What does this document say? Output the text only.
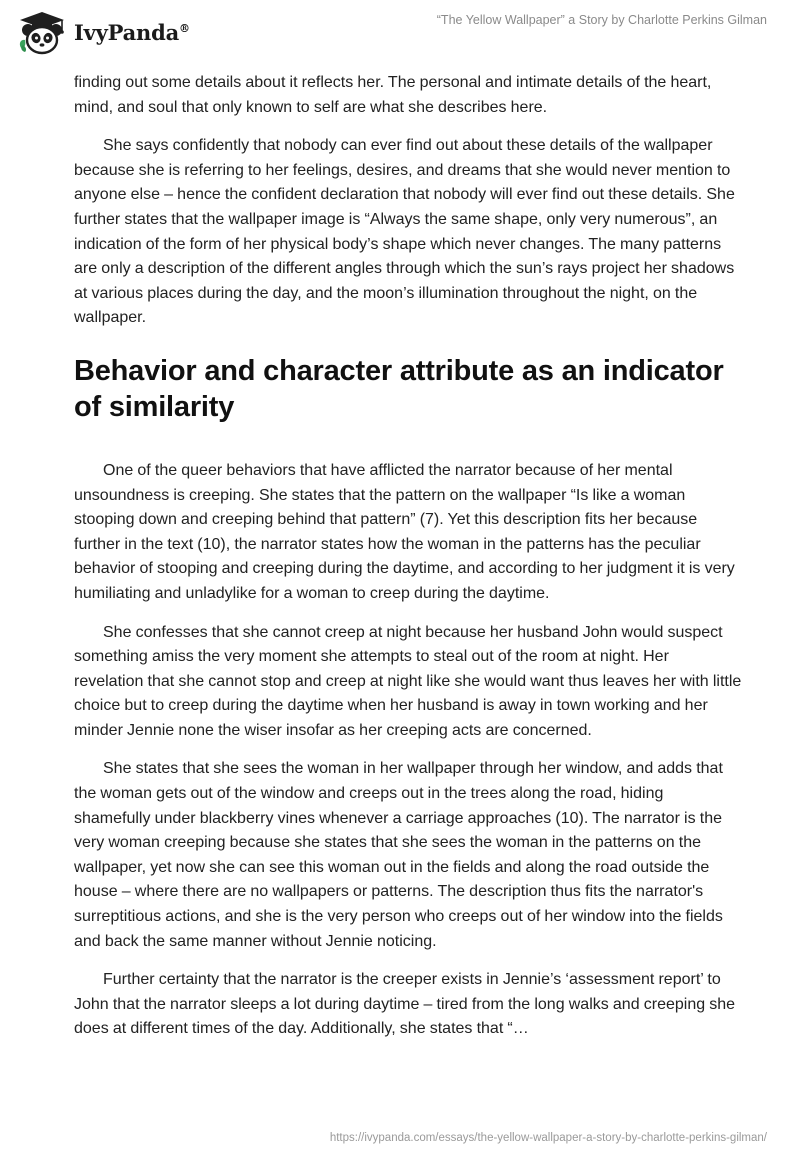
IvyPanda®
“The Yellow Wallpaper” a Story by Charlotte Perkins Gilman

finding out some details about it reflects her. The personal and intimate details of the heart, mind, and soul that only known to self are what she describes here.

She says confidently that nobody can ever find out about these details of the wallpaper because she is referring to her feelings, desires, and dreams that she would never mention to anyone else – hence the confident declaration that nobody will ever find out these details. She further states that the wallpaper image is “Always the same shape, only very numerous”, an indication of the form of her physical body’s shape which never changes. The many patterns are only a description of the different angles through which the sun’s rays project her shadows at various places during the day, and the moon’s illumination throughout the night, on the wallpaper.

Behavior and character attribute as an indicator of similarity

One of the queer behaviors that have afflicted the narrator because of her mental unsoundness is creeping. She states that the pattern on the wallpaper “Is like a woman stooping down and creeping behind that pattern” (7). Yet this description fits her because further in the text (10), the narrator states how the woman in the patterns has the peculiar behavior of stooping and creeping during the daytime, and according to her judgment it is very humiliating and unladylike for a woman to creep during the daytime.

She confesses that she cannot creep at night because her husband John would suspect something amiss the very moment she attempts to steal out of the room at night. Her revelation that she cannot stop and creep at night like she would want thus leaves her with little choice but to creep during the daytime when her husband is away in town working and her minder Jennie none the wiser insofar as her creeping acts are concerned.

She states that she sees the woman in her wallpaper through her window, and adds that the woman gets out of the window and creeps out in the trees along the road, hiding shamefully under blackberry vines whenever a carriage approaches (10). The narrator is the very woman creeping because she states that she sees the woman in the patterns on the wallpaper, yet now she can see this woman out in the fields and along the road outside the house – where there are no wallpapers or patterns. The description thus fits the narrator's surreptitious actions, and she is the very person who creeps out of her window into the fields and back the same manner without Jennie noticing.

Further certainty that the narrator is the creeper exists in Jennie’s ‘assessment report’ to John that the narrator sleeps a lot during daytime – tired from the long walks and creeping she does at different times of the day. Additionally, she states that “…

https://ivypanda.com/essays/the-yellow-wallpaper-a-story-by-charlotte-perkins-gilman/
